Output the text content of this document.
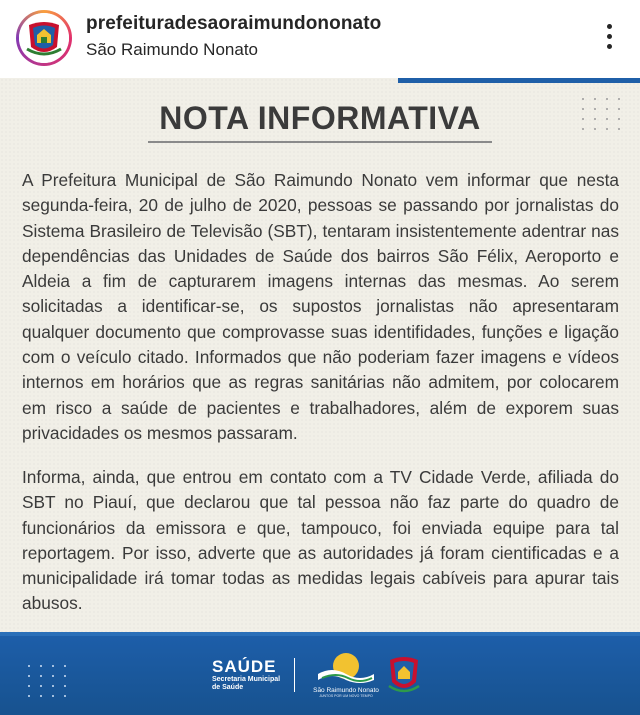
prefeituradesaoraimundononato
São Raimundo Nonato
NOTA INFORMATIVA

A Prefeitura Municipal de São Raimundo Nonato vem informar que nesta segunda-feira, 20 de julho de 2020, pessoas se passando por jornalistas do Sistema Brasileiro de Televisão (SBT), tentaram insistentemente adentrar nas dependências das Unidades de Saúde dos bairros São Félix, Aeroporto e Aldeia a fim de capturarem imagens internas das mesmas. Ao serem solicitadas a identificar-se, os supostos jornalistas não apresentaram qualquer documento que comprovasse suas identifidades, funções e ligação com o veículo citado. Informados que não poderiam fazer imagens e vídeos internos em horários que as regras sanitárias não admitem, por colocarem em risco a saúde de pacientes e trabalhadores, além de exporem suas privacidades os mesmos passaram.

Informa, ainda, que entrou em contato com a TV Cidade Verde, afiliada do SBT no Piauí, que declarou que tal pessoa não faz parte do quadro de funcionários da emissora e que, tampouco, foi enviada equipe para tal reportagem. Por isso, adverte que as autoridades já foram cientificadas e a municipalidade irá tomar todas as medidas legais cabíveis para apurar tais abusos.

SAÚDE
Secretaria Municipal
de Saúde	São Raimundo Nonato
JUNTOS POR UM NOVO TEMPO
